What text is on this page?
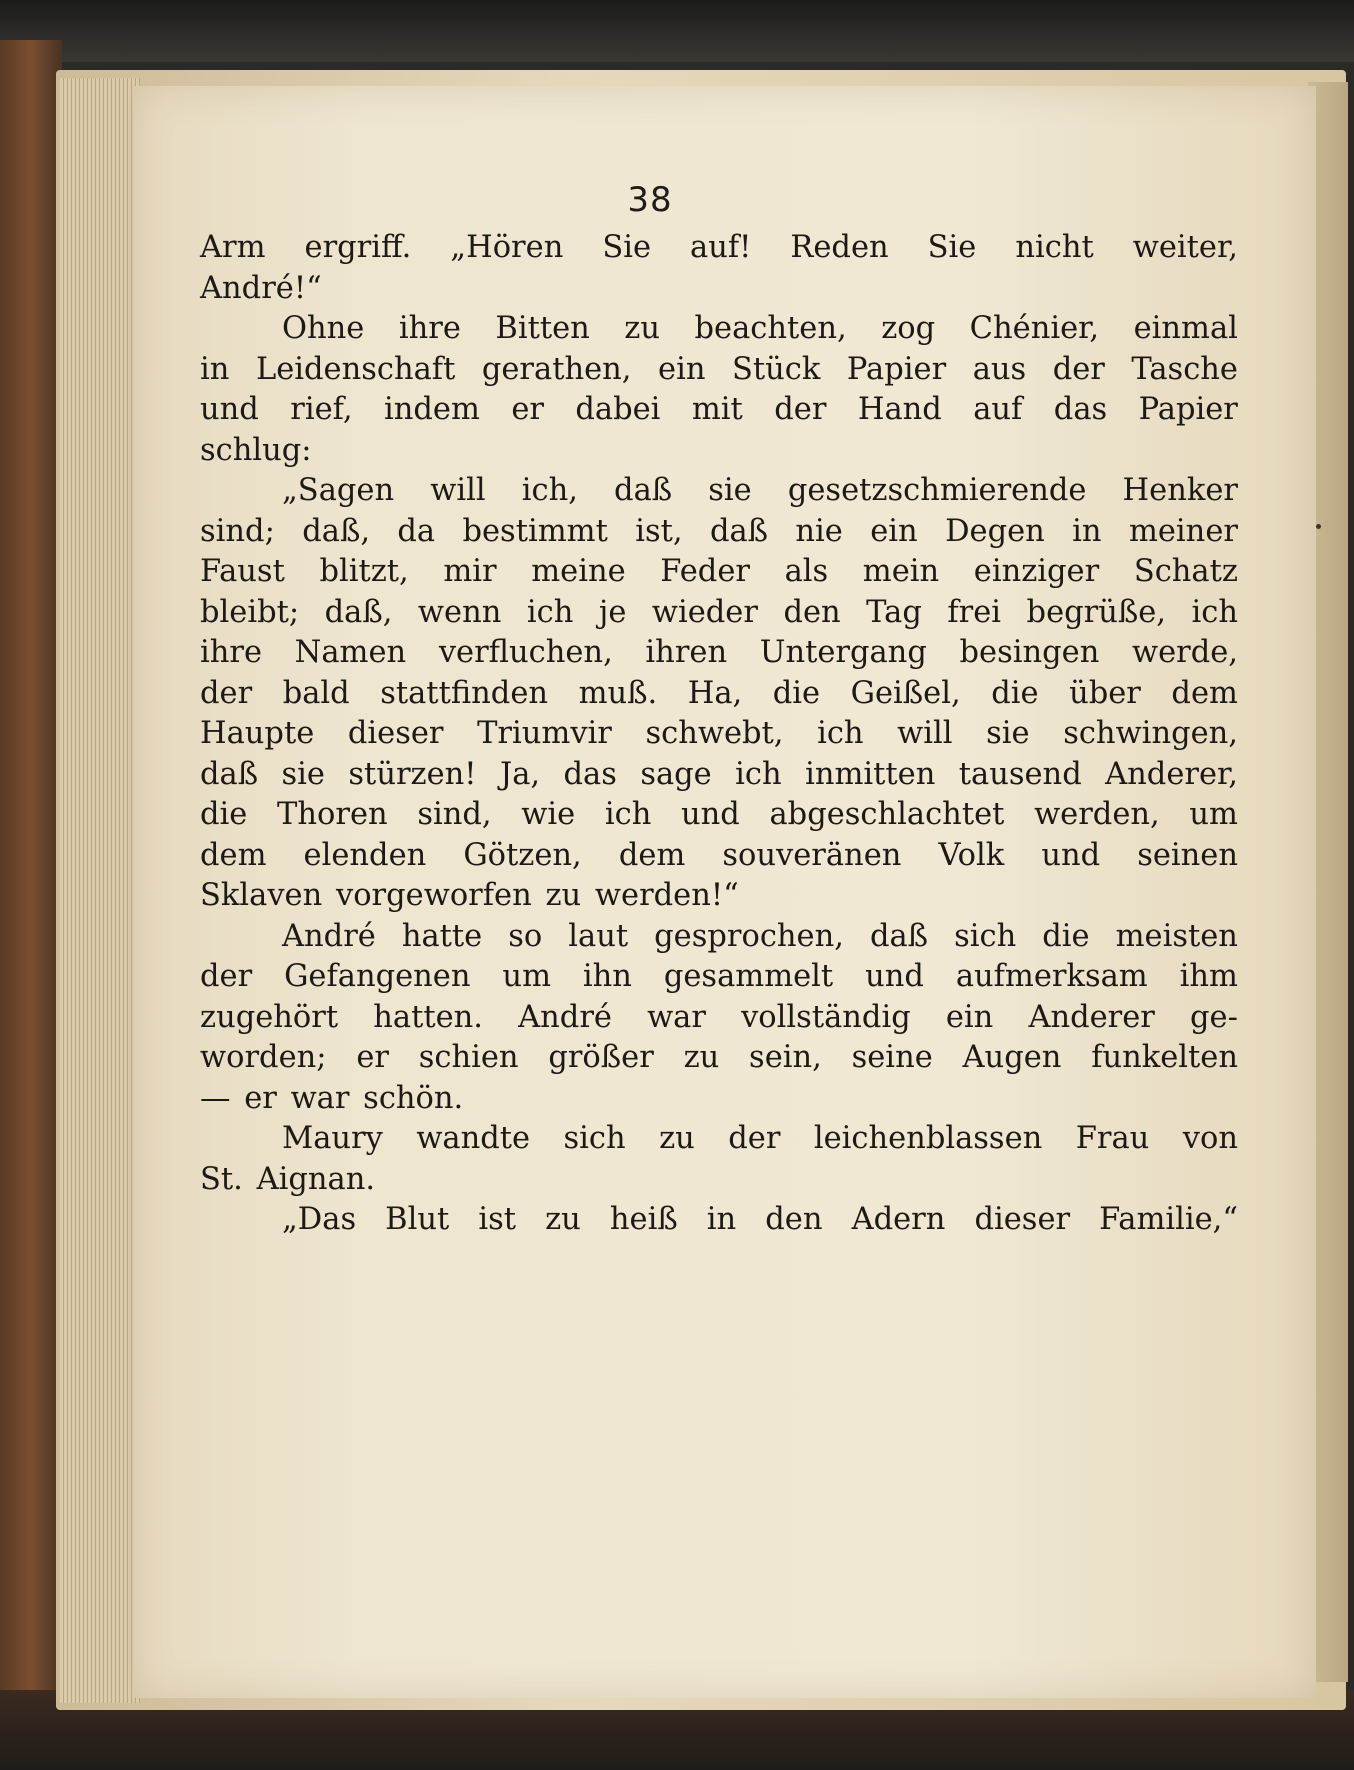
38
Arm ergriff. „Hören Sie auf! Reden Sie nicht weiter,
André!“
Ohne ihre Bitten zu beachten, zog Chénier, einmal
in Leidenschaft gerathen, ein Stück Papier aus der Tasche
und rief, indem er dabei mit der Hand auf das Papier
schlug:
„Sagen will ich, daß sie gesetzschmierende Henker
sind; daß, da bestimmt ist, daß nie ein Degen in meiner
Faust blitzt, mir meine Feder als mein einziger Schatz
bleibt; daß, wenn ich je wieder den Tag frei begrüße, ich
ihre Namen verfluchen, ihren Untergang besingen werde,
der bald stattfinden muß. Ha, die Geißel, die über dem
Haupte dieser Triumvir schwebt, ich will sie schwingen,
daß sie stürzen! Ja, das sage ich inmitten tausend Anderer,
die Thoren sind, wie ich und abgeschlachtet werden, um
dem elenden Götzen, dem souveränen Volk und seinen
Sklaven vorgeworfen zu werden!“
André hatte so laut gesprochen, daß sich die meisten
der Gefangenen um ihn gesammelt und aufmerksam ihm
zugehört hatten. André war vollständig ein Anderer ge-
worden; er schien größer zu sein, seine Augen funkelten
— er war schön.
Maury wandte sich zu der leichenblassen Frau von
St. Aignan.
„Das Blut ist zu heiß in den Adern dieser Familie,“
